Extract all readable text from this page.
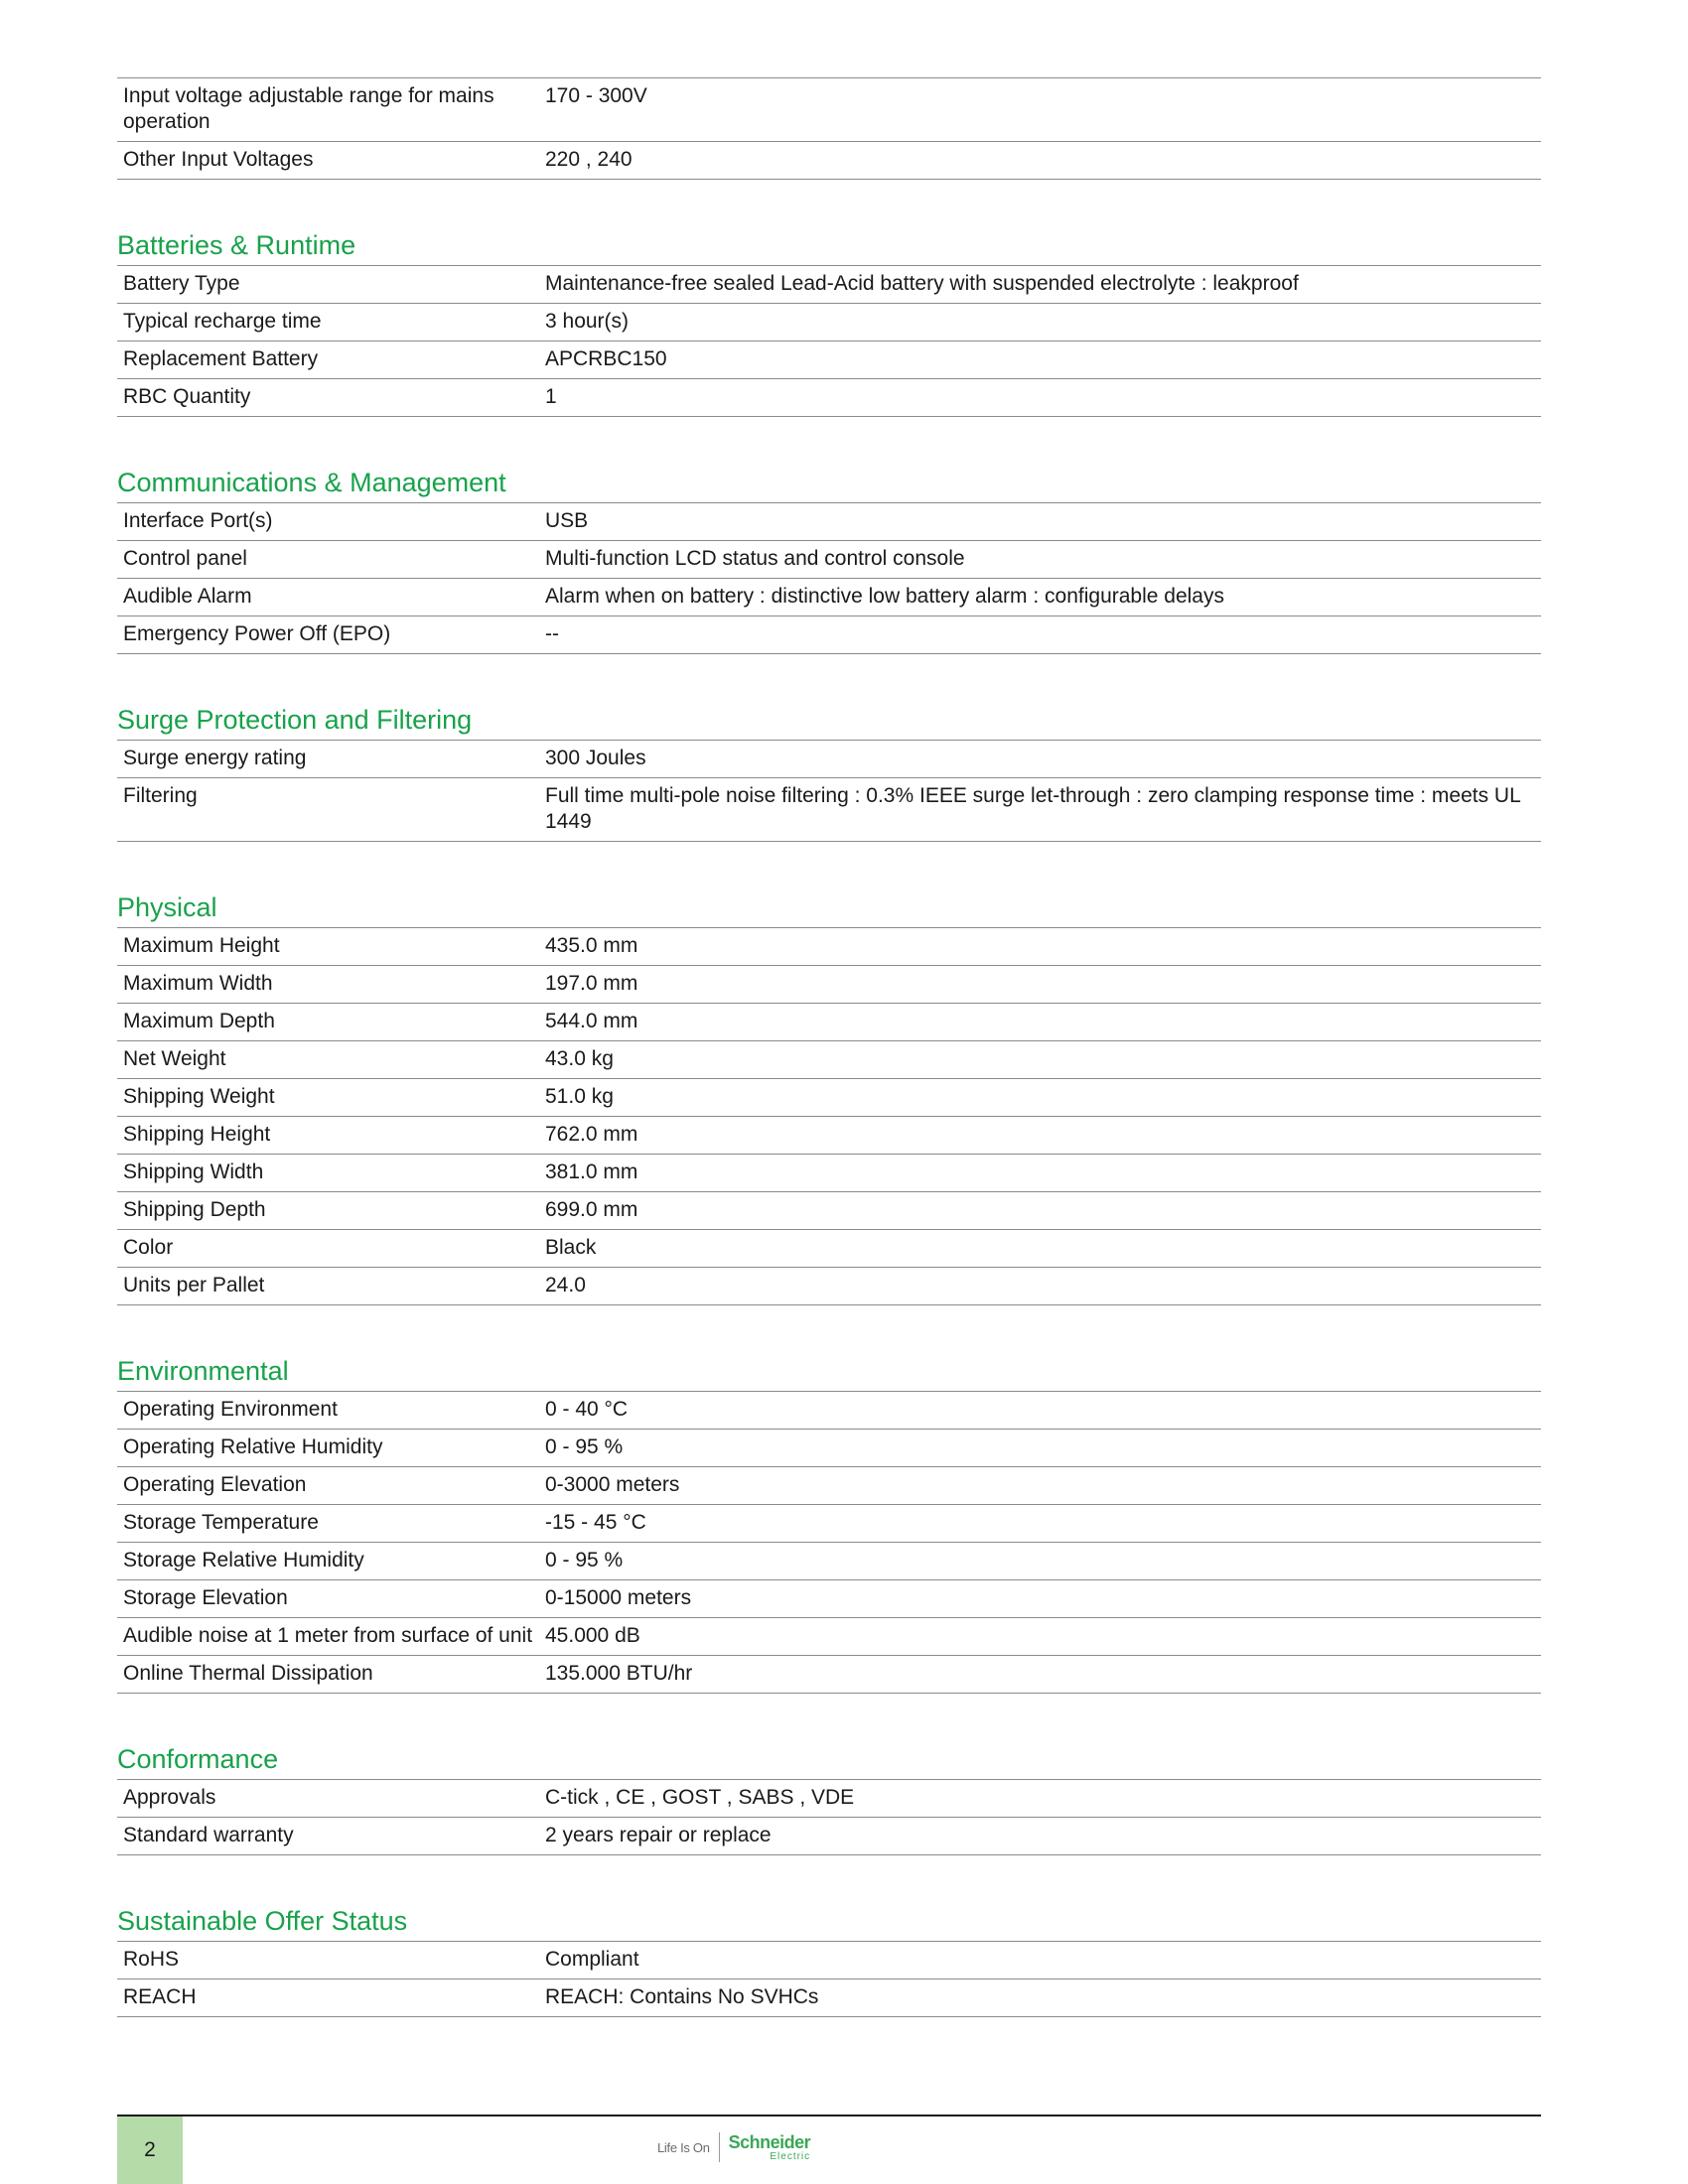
Input voltage adjustable range for mains operation	170 - 300V
Other Input Voltages	220 , 240
Batteries & Runtime
Battery Type	Maintenance-free sealed Lead-Acid battery with suspended electrolyte : leakproof
Typical recharge time	3 hour(s)
Replacement Battery	APCRBC150
RBC Quantity	1
Communications & Management
Interface Port(s)	USB
Control panel	Multi-function LCD status and control console
Audible Alarm	Alarm when on battery : distinctive low battery alarm : configurable delays
Emergency Power Off (EPO)	--
Surge Protection and Filtering
Surge energy rating	300 Joules
Filtering	Full time multi-pole noise filtering : 0.3% IEEE surge let-through : zero clamping response time : meets UL 1449
Physical
Maximum Height	435.0 mm
Maximum Width	197.0 mm
Maximum Depth	544.0 mm
Net Weight	43.0 kg
Shipping Weight	51.0 kg
Shipping Height	762.0 mm
Shipping Width	381.0 mm
Shipping Depth	699.0 mm
Color	Black
Units per Pallet	24.0
Environmental
Operating Environment	0 - 40 °C
Operating Relative Humidity	0 - 95 %
Operating Elevation	0-3000 meters
Storage Temperature	-15 - 45 °C
Storage Relative Humidity	0 - 95 %
Storage Elevation	0-15000 meters
Audible noise at 1 meter from surface of unit	45.000 dB
Online Thermal Dissipation	135.000 BTU/hr
Conformance
Approvals	C-tick , CE , GOST , SABS , VDE
Standard warranty	2 years repair or replace
Sustainable Offer Status
RoHS	Compliant
REACH	REACH: Contains No SVHCs
2	Life Is On Schneider
Electric
